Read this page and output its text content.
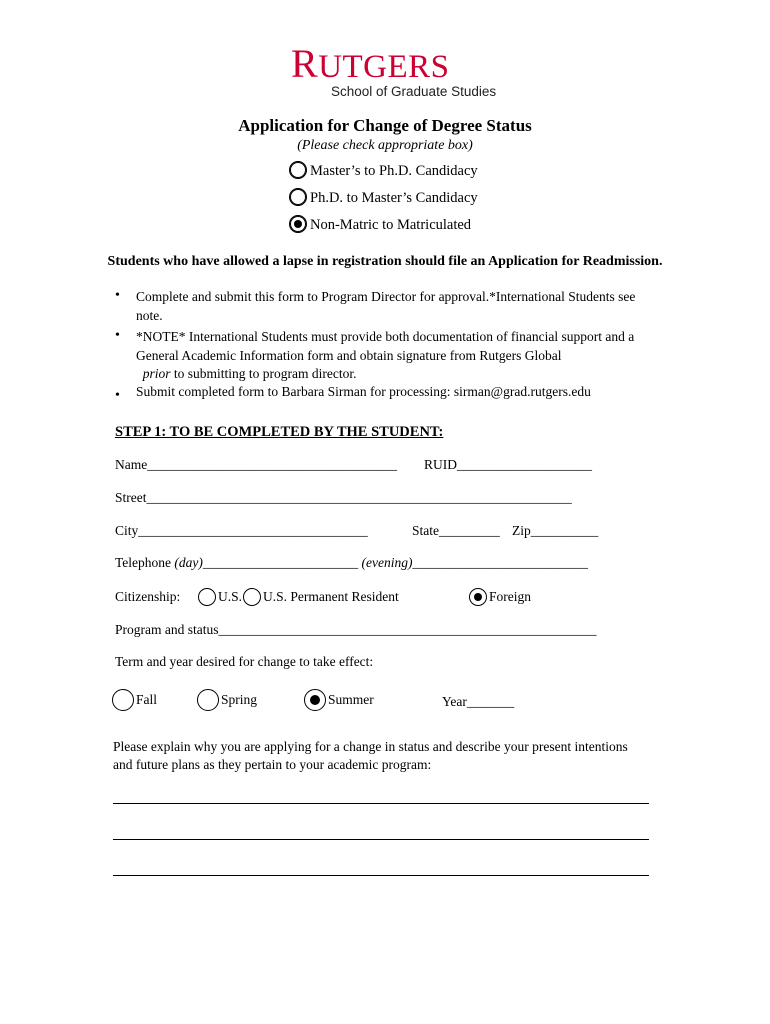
RUTGERS
School of Graduate Studies
Application for Change of Degree Status
(Please check appropriate box)
Master’s to Ph.D. Candidacy
Ph.D. to Master’s Candidacy
Non-Matric to Matriculated
Students who have allowed a lapse in registration should file an Application for Readmission.
• Complete and submit this form to Program Director for approval.*International Students see
note.
• *NOTE* International Students must provide both documentation of financial support and a
General Academic Information form and obtain signature from Rutgers Global
prior to submitting to program director.
• Submit completed form to Barbara Sirman for processing: sirman@grad.rutgers.edu
STEP 1: TO BE COMPLETED BY THE STUDENT:
Name_____________________________________ RUID____________________
Street_______________________________________________________________
City__________________________________	State_________ Zip__________
Telephone (day)_______________________ (evening)__________________________
Citizenship:	U.S. U.S. Permanent Resident	Foreign
Program and status________________________________________________________
Term and year desired for change to take effect:
Fall	Spring	Summer	Year_______
Please explain why you are applying for a change in status and describe your present intentions
and future plans as they pertain to your academic program:
